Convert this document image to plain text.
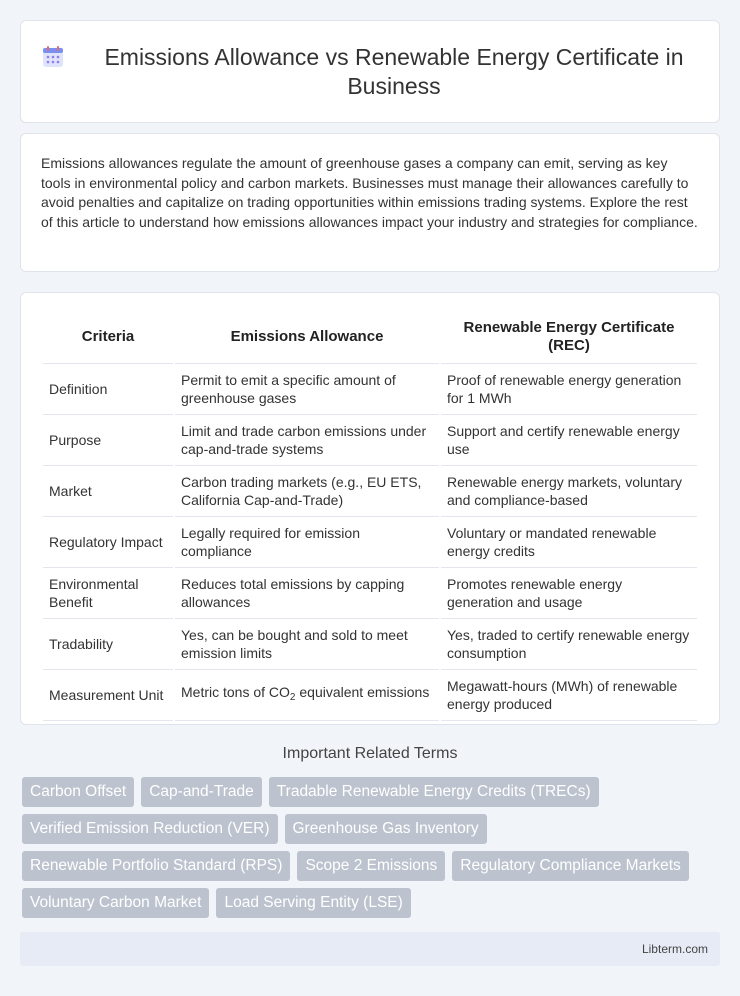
Emissions Allowance vs Renewable Energy Certificate in Business

Emissions allowances regulate the amount of greenhouse gases a company can emit, serving as key tools in environmental policy and carbon markets. Businesses must manage their allowances carefully to avoid penalties and capitalize on trading opportunities within emissions trading systems. Explore the rest of this article to understand how emissions allowances impact your industry and strategies for compliance.

Criteria	Emissions Allowance	Renewable Energy Certificate (REC)
Definition	Permit to emit a specific amount of greenhouse gases	Proof of renewable energy generation for 1 MWh
Purpose	Limit and trade carbon emissions under cap-and-trade systems	Support and certify renewable energy use
Market	Carbon trading markets (e.g., EU ETS, California Cap-and-Trade)	Renewable energy markets, voluntary and compliance-based
Regulatory Impact	Legally required for emission compliance	Voluntary or mandated renewable energy credits
Environmental Benefit	Reduces total emissions by capping allowances	Promotes renewable energy generation and usage
Tradability	Yes, can be bought and sold to meet emission limits	Yes, traded to certify renewable energy consumption
Measurement Unit	Metric tons of $CO_2$ equivalent emissions	Megawatt-hours (MWh) of renewable energy produced
Important Related Terms
Carbon Offset	Cap-and-Trade	Tradable Renewable Energy Credits (TRECs)
Verified Emission Reduction (VER)	Greenhouse Gas Inventory
Renewable Portfolio Standard (RPS)	Scope 2 Emissions	Regulatory Compliance Markets
Voluntary Carbon Market	Load Serving Entity (LSE)
Libterm.com
